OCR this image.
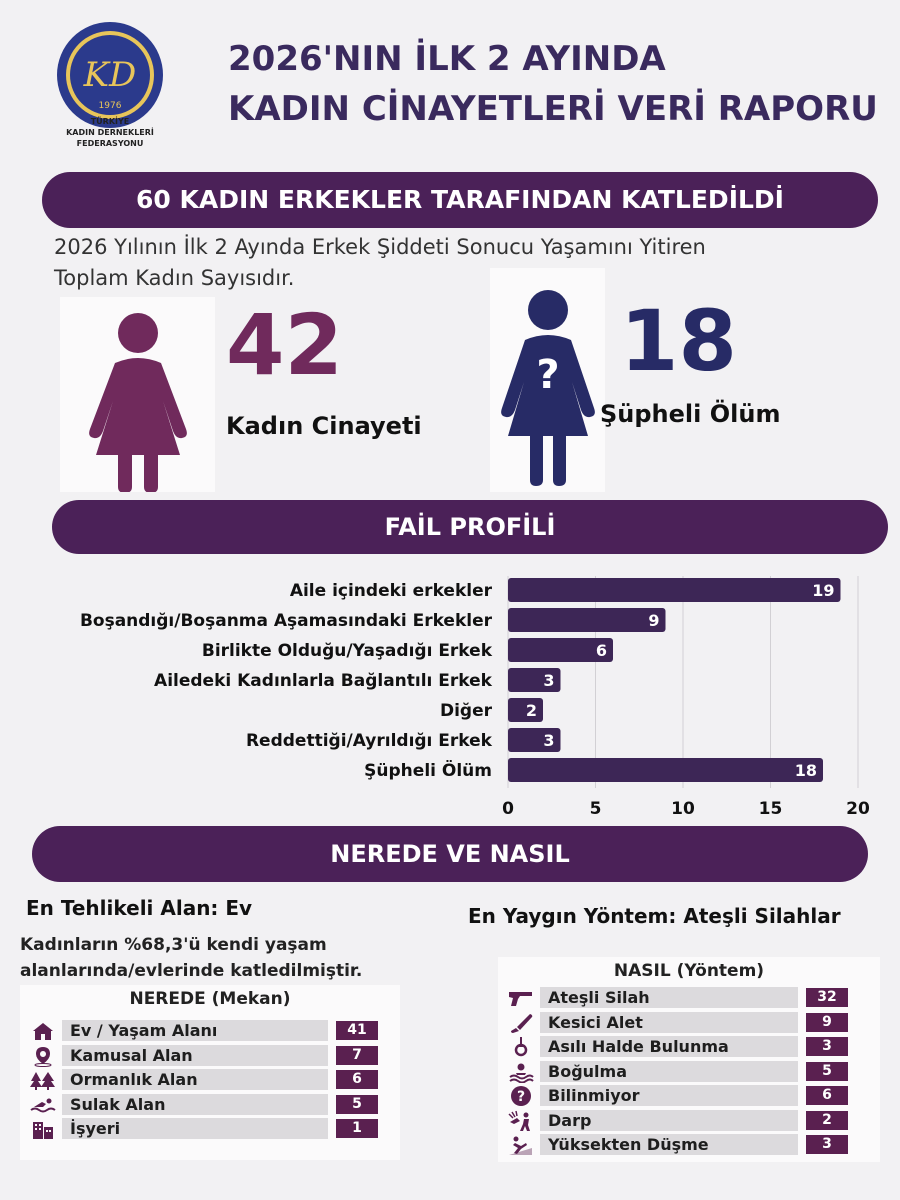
KD
1976
TÜRKİYE
KADIN DERNEKLERİ
FEDERASYONU
2026'NIN İLK 2 AYINDA
KADIN CİNAYETLERİ VERİ RAPORU
60 KADIN ERKEKLER TARAFINDAN KATLEDİLDİ
2026 Yılının İlk 2 Ayında Erkek Şiddeti Sonucu Yaşamını Yitiren
Toplam Kadın Sayısıdır.
42
Kadın Cinayeti
? 18
Şüpheli Ölüm
FAİL PROFİLİ
Aile içindeki erkekler	19
Boşandığı/Boşanma Aşamasındaki Erkekler	9
Birlikte Olduğu/Yaşadığı Erkek	6
Ailedeki Kadınlarla Bağlantılı Erkek	3
Diğer 2
Reddettiği/Ayrıldığı Erkek	3
Şüpheli Ölüm	18
0	5	10	15	20
NEREDE VE NASIL
En Tehlikeli Alan: Ev
Kadınların %68,3'ü kendi yaşam
alanlarında/evlerinde katledilmiştir.
En Yaygın Yöntem: Ateşli Silahlar
NEREDE (Mekan)
Ev / Yaşam Alanı	41
Kamusal Alan	7
Ormanlık Alan	6
Sulak Alan	5
İşyeri	1
NASIL (Yöntem)
Ateşli Silah	32
Kesici Alet	9
Asılı Halde Bulunma	3
Boğulma	5
?	Bilinmiyor	6
Darp	2
Yüksekten Düşme	3
